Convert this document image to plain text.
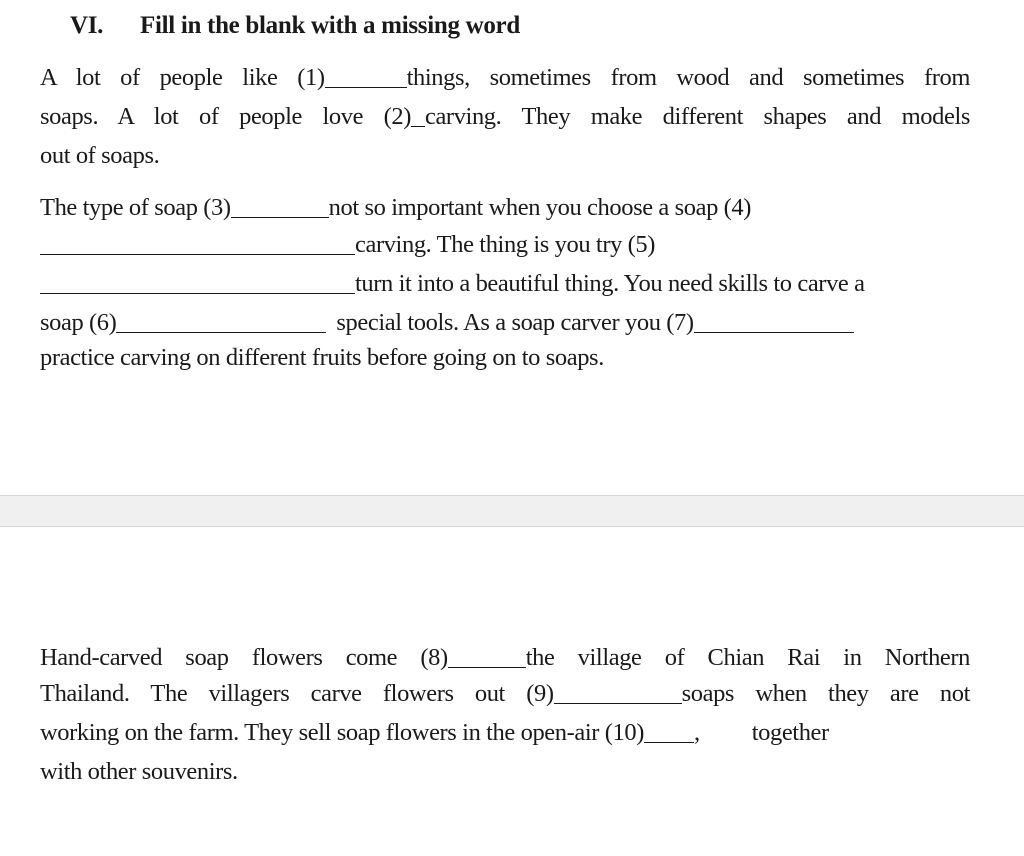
VI. Fill in the blank with a missing word
A lot of people like (1)	things, sometimes from wood and sometimes from
soaps. A lot of people love (2) carving. They make different shapes and models
out of soaps.
The type of soap (3)	not so important when you choose a soap (4)
carving. The thing is you try (5)
turn it into a beautiful thing. You need skills to carve a
soap (6)	special tools. As a soap carver you (7)
practice carving on different fruits before going on to soaps.
Hand-carved soap flowers come (8)	the village of Chian Rai in Northern
Thailand. The villagers carve flowers out (9)	soaps when they are not
working on the farm. They sell soap flowers in the open-air (10) , together
with other souvenirs.
